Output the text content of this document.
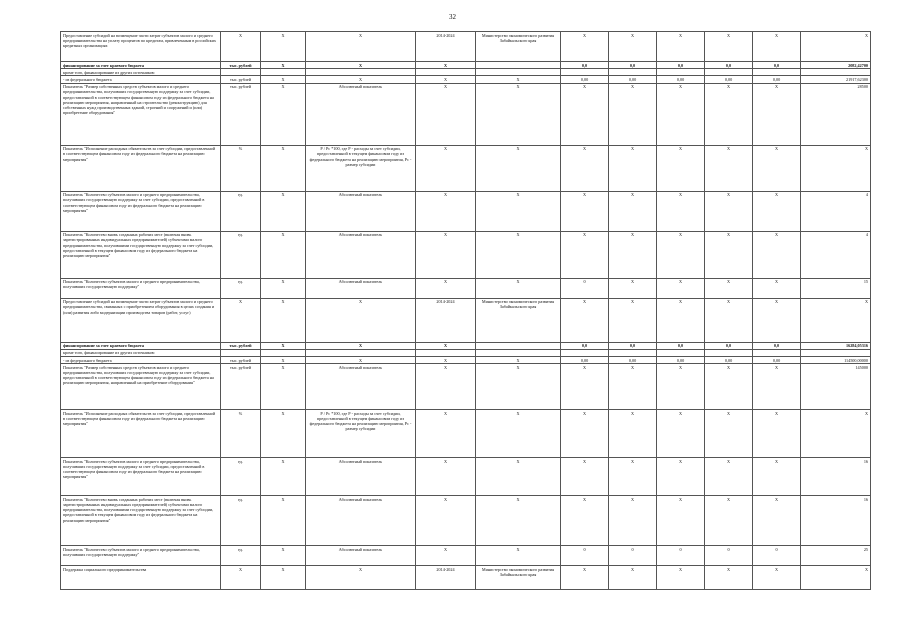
32
Предоставление субсидий на возмещение части затрат субъектов малого и среднего предпринимательства на уплату процентов по кредитам, привлеченным в российских кредитных организациях	Х	Х	Х	2014-2024	Министерство экономического развития Забайкальского края	Х	Х	Х	Х	Х	Х
финансирование за счет краевого бюджета	тыс. рублей	Х	Х	Х		0,0	0,0	0,0	0,0	0,0	2082,42700
кроме того, финансирование из других источников:											
- из федерального бюджета	тыс. рублей	Х	Х	Х	Х	0,00	0,00	0,00	0,00	0,00	21917,62300
Показатель "Размер собственных средств субъектов малого и среднего предпринимательства, получивших государственную поддержку за счет субсидии, предоставленной в соответствующем финансовом году из федерального бюджета на реализацию мероприятия, направленный на строительство (реконструкцию) для собственных нужд производственных зданий, строений и сооружений и (или) приобретение оборудования"	тыс. рублей	Х	Абсолютный показатель	Х	Х	Х	Х	Х	Х	Х	28500
Показатель "Исполнение расходных обязательств за счет субсидии, предоставленной в соответствующем финансовом году из федерального бюджета на реализацию мероприятия"	%	Х	Р / Рс *100, где Р - расходы за счет субсидии, предоставленной в текущем финансовом году из федерального бюджета на реализацию мероприятия, Рс - размер субсидии	Х	Х	Х	Х	Х	Х	Х	Х
Показатель "Количество субъектов малого и среднего предпринимательства, получивших государственную поддержку за счет субсидии, предоставленной в соответствующем финансовом году из федерального бюджета на реализацию мероприятия"	ед.	Х	Абсолютный показатель	Х	Х	Х	Х	Х	Х	Х	4
Показатель "Количество вновь созданных рабочих мест (включая вновь зарегистрированных индивидуальных предпринимателей) субъектами малого предпринимательства, получившими государственную поддержку за счет субсидии, предоставленной в текущем финансовом году из федерального бюджета на реализацию мероприятия"	ед.	Х	Абсолютный показатель	Х	Х	Х	Х	Х	Х	Х	4
Показатель "Количество субъектов малого и среднего предпринимательства, получивших государственную поддержку"	ед.	Х	Абсолютный показатель	Х	Х	0	Х	Х	Х	Х	15
Предоставление субсидий на возмещение части затрат субъектов малого и среднего предпринимательства, связанных с приобретением оборудования в целях создания и (или) развития либо модернизации производства товаров (работ, услуг)	Х	Х	Х	2014-2024	Министерство экономического развития Забайкальского края	Х	Х	Х	Х	Х	Х
финансирование за счет краевого бюджета	тыс. рублей	Х	Х	Х		0,0	0,0	0,0	0,0	0,0	16284,05316
кроме того, финансирование из других источников:											
- из федерального бюджета	тыс. рублей	Х	Х	Х	Х	0,00	0,00	0,00	0,00	0,00	114500,00000
Показатель "Размер собственных средств субъектов малого и среднего предпринимательства, получивших государственную поддержку за счет субсидии, предоставленной в соответствующем финансовом году из федерального бюджета на реализацию мероприятия, направленный на приобретение оборудования"	тыс. рублей	Х	Абсолютный показатель	Х	Х	Х	Х	Х	Х	Х	145000
Показатель "Исполнение расходных обязательств за счет субсидии, предоставленной в соответствующем финансовом году из федерального бюджета на реализацию мероприятия"	%	Х	Р / Рс *100, где Р - расходы за счет субсидии, предоставленной в текущем финансовом году из федерального бюджета на реализацию мероприятия, Рс - размер субсидии	Х	Х	Х	Х	Х	Х	Х	Х
Показатель "Количество субъектов малого и среднего предпринимательства, получивших государственную поддержку за счет субсидии, предоставленной в соответствующем финансовом году из федерального бюджета на реализацию мероприятия"	ед.	Х	Абсолютный показатель	Х	Х	Х	Х	Х	Х	Х	16
Показатель "Количество вновь созданных рабочих мест (включая вновь зарегистрированных индивидуальных предпринимателей) субъектами малого предпринимательства, получившими государственную поддержку за счет субсидии, предоставленной в текущем финансовом году из федерального бюджета на реализацию мероприятия"	ед.	Х	Абсолютный показатель	Х	Х	Х	Х	Х	Х	Х	16
Показатель "Количество субъектов малого и среднего предпринимательства, получивших государственную поддержку"	ед.	Х	Абсолютный показатель	Х	Х	0	0	0	0	0	25
Поддержка социального предпринимательства	Х	Х	Х	2014-2024	Министерство экономического развития Забайкальского края	Х	Х	Х	Х	Х	Х
